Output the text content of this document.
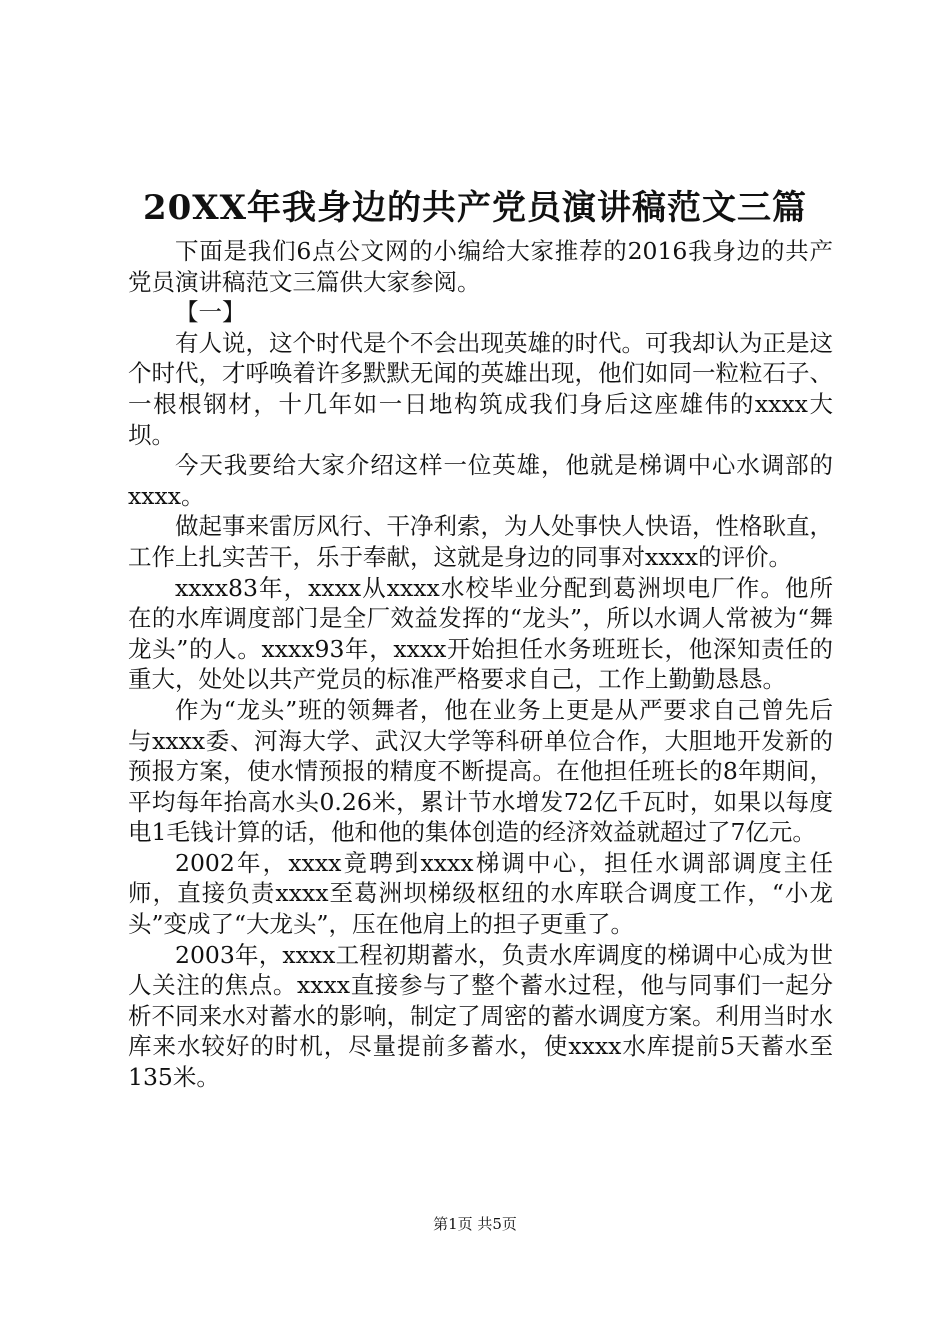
20XX年我身边的共产党员演讲稿范文三篇

下面是我们6点公文网的小编给大家推荐的2016我身边的共产党员演讲稿范文三篇供大家参阅。

【一】

有人说，这个时代是个不会出现英雄的时代。可我却认为正是这个时代，才呼唤着许多默默无闻的英雄出现，他们如同一粒粒石子、一根根钢材，十几年如一日地构筑成我们身后这座雄伟的xxxx大坝。

今天我要给大家介绍这样一位英雄，他就是梯调中心水调部的xxxx。

做起事来雷厉风行、干净利索，为人处事快人快语，性格耿直，工作上扎实苦干，乐于奉献，这就是身边的同事对xxxx的评价。

xxxx83年，xxxx从xxxx水校毕业分配到葛洲坝电厂作。他所在的水库调度部门是全厂效益发挥的“龙头”，所以水调人常被为“舞龙头”的人。xxxx93年，xxxx开始担任水务班班长，他深知责任的重大，处处以共产党员的标准严格要求自己，工作上勤勤恳恳。

作为“龙头”班的领舞者，他在业务上更是从严要求自己曾先后与xxxx委、河海大学、武汉大学等科研单位合作，大胆地开发新的预报方案，使水情预报的精度不断提高。在他担任班长的8年期间，平均每年抬高水头0.26米，累计节水增发72亿千瓦时，如果以每度电1毛钱计算的话，他和他的集体创造的经济效益就超过了7亿元。

2002年，xxxx竟聘到xxxx梯调中心，担任水调部调度主任师，直接负责xxxx至葛洲坝梯级枢纽的水库联合调度工作，“小龙头”变成了“大龙头”，压在他肩上的担子更重了。

2003年，xxxx工程初期蓄水，负责水库调度的梯调中心成为世人关注的焦点。xxxx直接参与了整个蓄水过程，他与同事们一起分析不同来水对蓄水的影响，制定了周密的蓄水调度方案。利用当时水库来水较好的时机，尽量提前多蓄水，使xxxx水库提前5天蓄水至135米。

第1页 共5页
